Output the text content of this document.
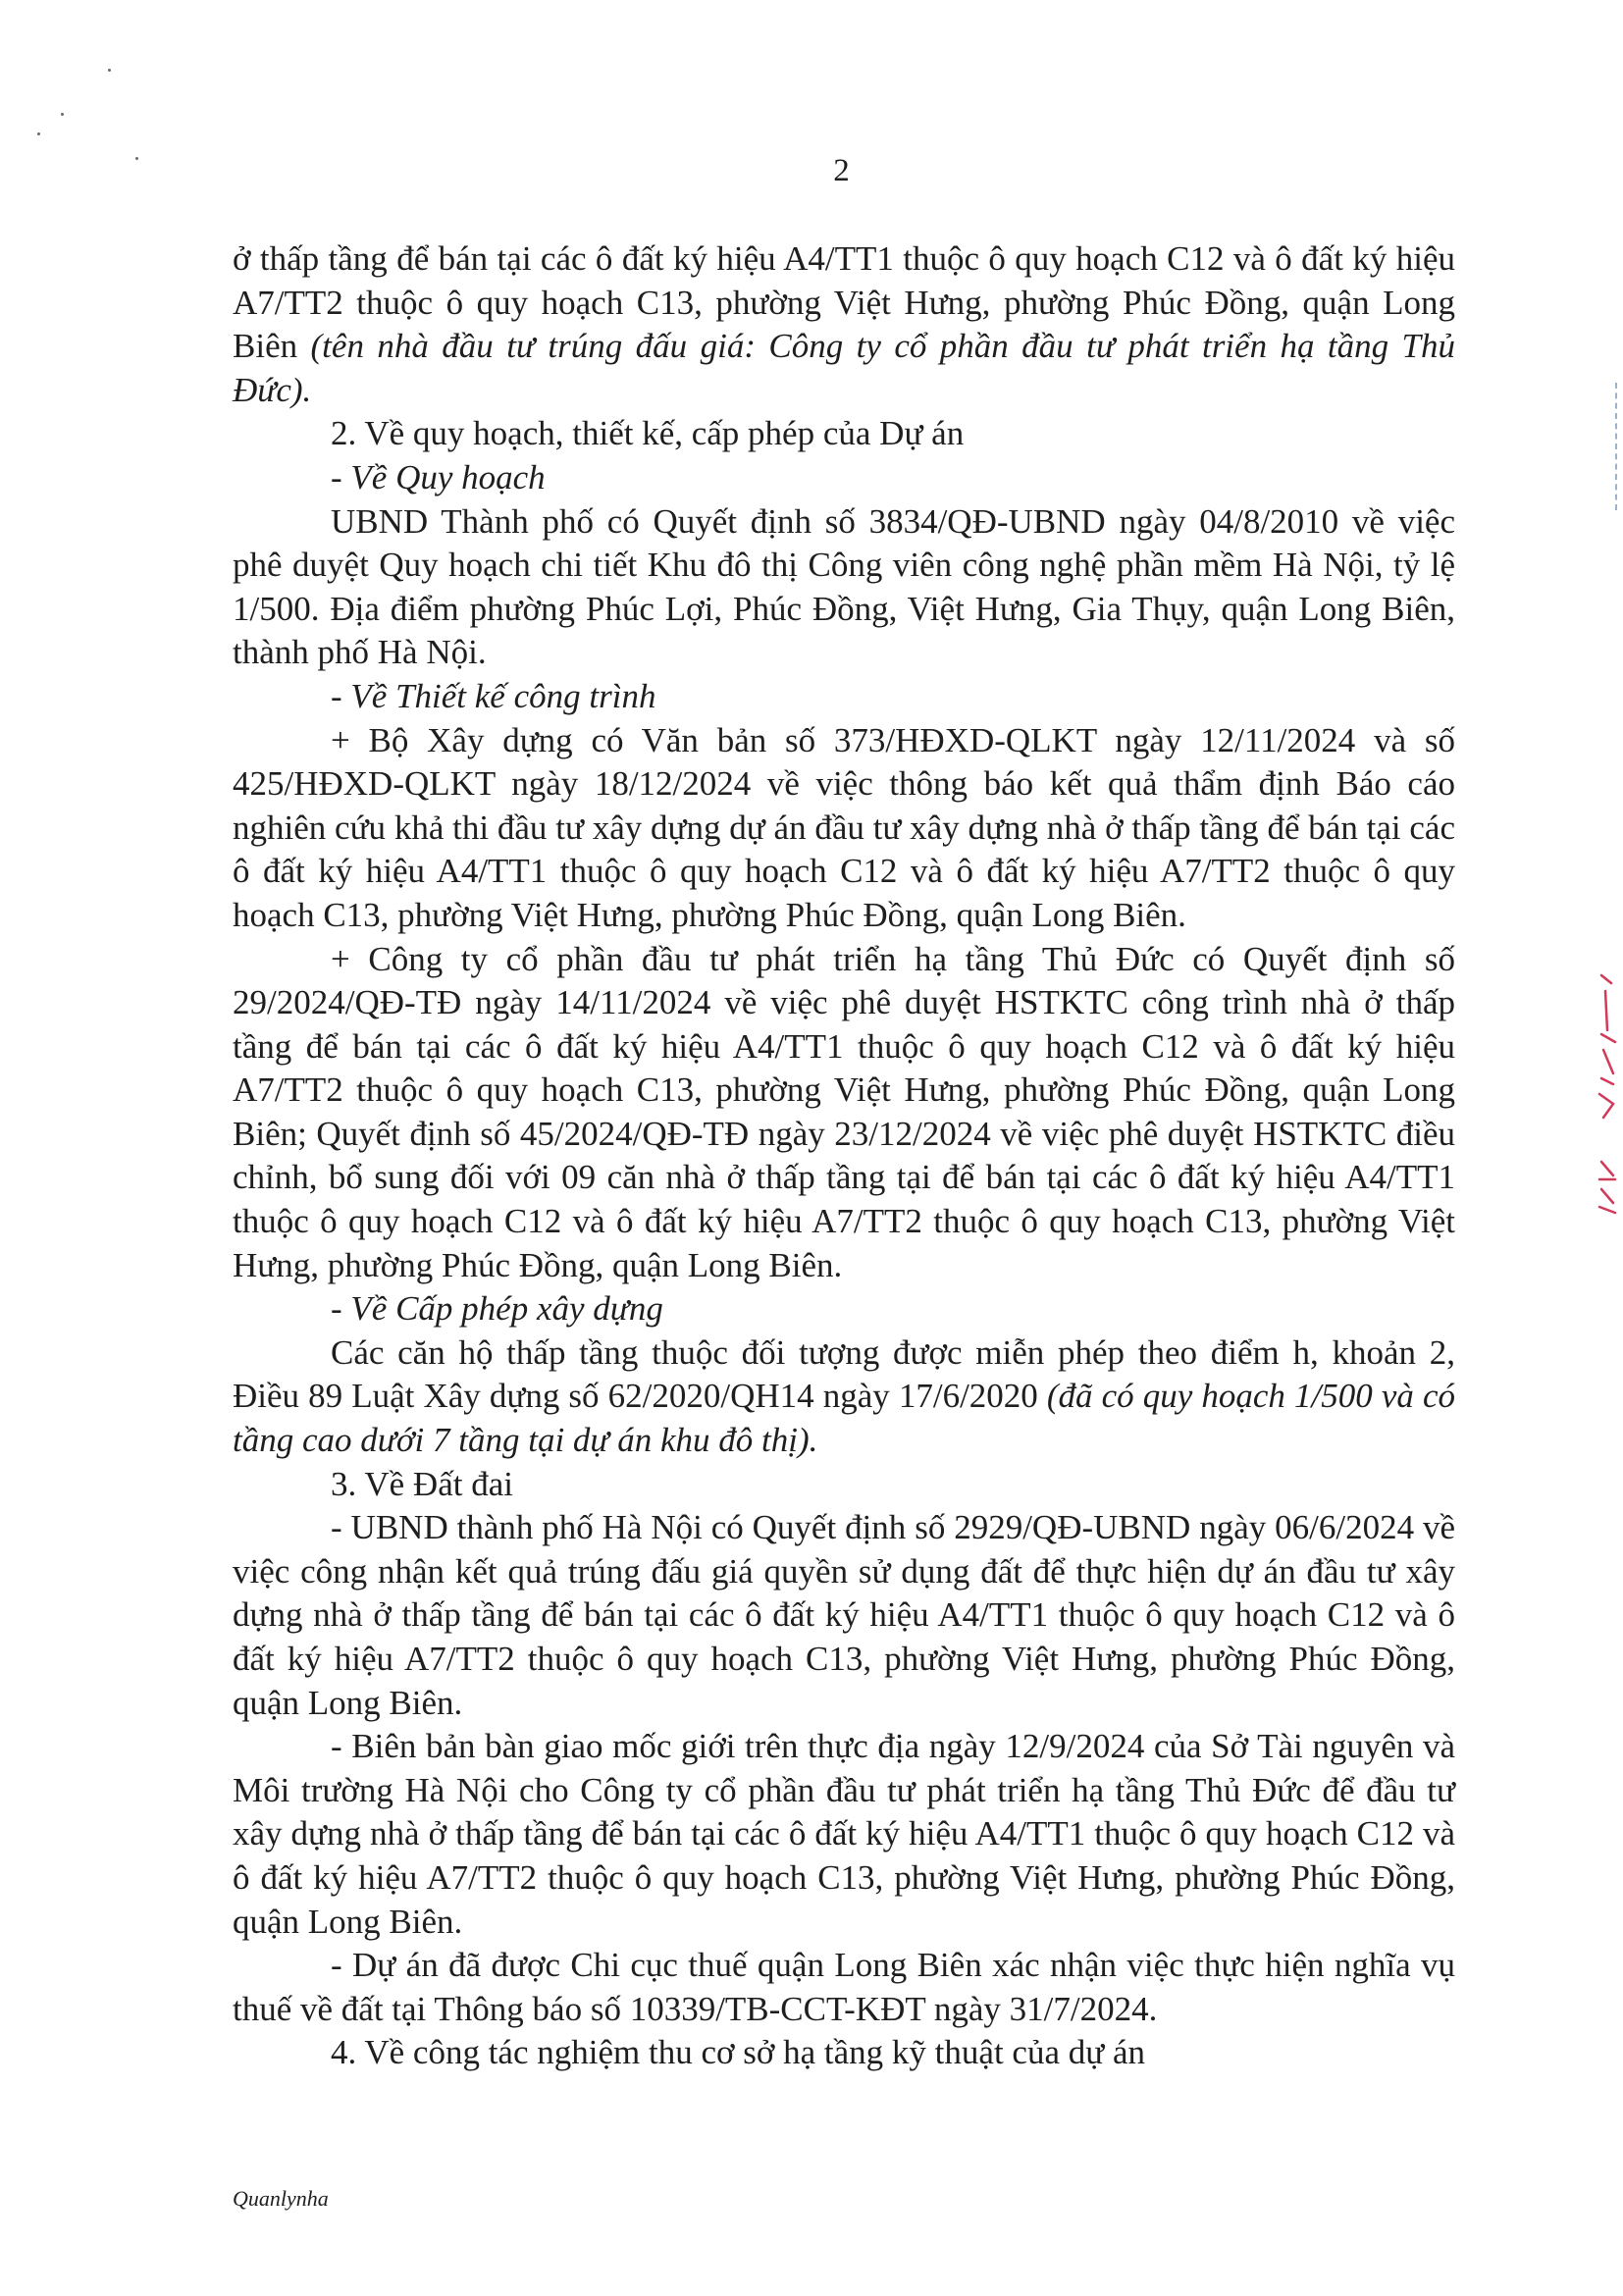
2

ở thấp tầng để bán tại các ô đất ký hiệu A4/TT1 thuộc ô quy hoạch C12 và ô đất ký hiệu A7/TT2 thuộc ô quy hoạch C13, phường Việt Hưng, phường Phúc Đồng, quận Long Biên (tên nhà đầu tư trúng đấu giá: Công ty cổ phần đầu tư phát triển hạ tầng Thủ Đức).

2. Về quy hoạch, thiết kế, cấp phép của Dự án

- Về Quy hoạch

UBND Thành phố có Quyết định số 3834/QĐ-UBND ngày 04/8/2010 về việc phê duyệt Quy hoạch chi tiết Khu đô thị Công viên công nghệ phần mềm Hà Nội, tỷ lệ 1/500. Địa điểm phường Phúc Lợi, Phúc Đồng, Việt Hưng, Gia Thụy, quận Long Biên, thành phố Hà Nội.

- Về Thiết kế công trình

+ Bộ Xây dựng có Văn bản số 373/HĐXD-QLKT ngày 12/11/2024 và số 425/HĐXD-QLKT ngày 18/12/2024 về việc thông báo kết quả thẩm định Báo cáo nghiên cứu khả thi đầu tư xây dựng dự án đầu tư xây dựng nhà ở thấp tầng để bán tại các ô đất ký hiệu A4/TT1 thuộc ô quy hoạch C12 và ô đất ký hiệu A7/TT2 thuộc ô quy hoạch C13, phường Việt Hưng, phường Phúc Đồng, quận Long Biên.

+ Công ty cổ phần đầu tư phát triển hạ tầng Thủ Đức có Quyết định số 29/2024/QĐ-TĐ ngày 14/11/2024 về việc phê duyệt HSTKTC công trình nhà ở thấp tầng để bán tại các ô đất ký hiệu A4/TT1 thuộc ô quy hoạch C12 và ô đất ký hiệu A7/TT2 thuộc ô quy hoạch C13, phường Việt Hưng, phường Phúc Đồng, quận Long Biên; Quyết định số 45/2024/QĐ-TĐ ngày 23/12/2024 về việc phê duyệt HSTKTC điều chỉnh, bổ sung đối với 09 căn nhà ở thấp tầng tại để bán tại các ô đất ký hiệu A4/TT1 thuộc ô quy hoạch C12 và ô đất ký hiệu A7/TT2 thuộc ô quy hoạch C13, phường Việt Hưng, phường Phúc Đồng, quận Long Biên.

- Về Cấp phép xây dựng

Các căn hộ thấp tầng thuộc đối tượng được miễn phép theo điểm h, khoản 2, Điều 89 Luật Xây dựng số 62/2020/QH14 ngày 17/6/2020 (đã có quy hoạch 1/500 và có tầng cao dưới 7 tầng tại dự án khu đô thị).

3. Về Đất đai

- UBND thành phố Hà Nội có Quyết định số 2929/QĐ-UBND ngày 06/6/2024 về việc công nhận kết quả trúng đấu giá quyền sử dụng đất để thực hiện dự án đầu tư xây dựng nhà ở thấp tầng để bán tại các ô đất ký hiệu A4/TT1 thuộc ô quy hoạch C12 và ô đất ký hiệu A7/TT2 thuộc ô quy hoạch C13, phường Việt Hưng, phường Phúc Đồng, quận Long Biên.

- Biên bản bàn giao mốc giới trên thực địa ngày 12/9/2024 của Sở Tài nguyên và Môi trường Hà Nội cho Công ty cổ phần đầu tư phát triển hạ tầng Thủ Đức để đầu tư xây dựng nhà ở thấp tầng để bán tại các ô đất ký hiệu A4/TT1 thuộc ô quy hoạch C12 và ô đất ký hiệu A7/TT2 thuộc ô quy hoạch C13, phường Việt Hưng, phường Phúc Đồng, quận Long Biên.

- Dự án đã được Chi cục thuế quận Long Biên xác nhận việc thực hiện nghĩa vụ thuế về đất tại Thông báo số 10339/TB-CCT-KĐT ngày 31/7/2024.

4. Về công tác nghiệm thu cơ sở hạ tầng kỹ thuật của dự án

Quanlynha
